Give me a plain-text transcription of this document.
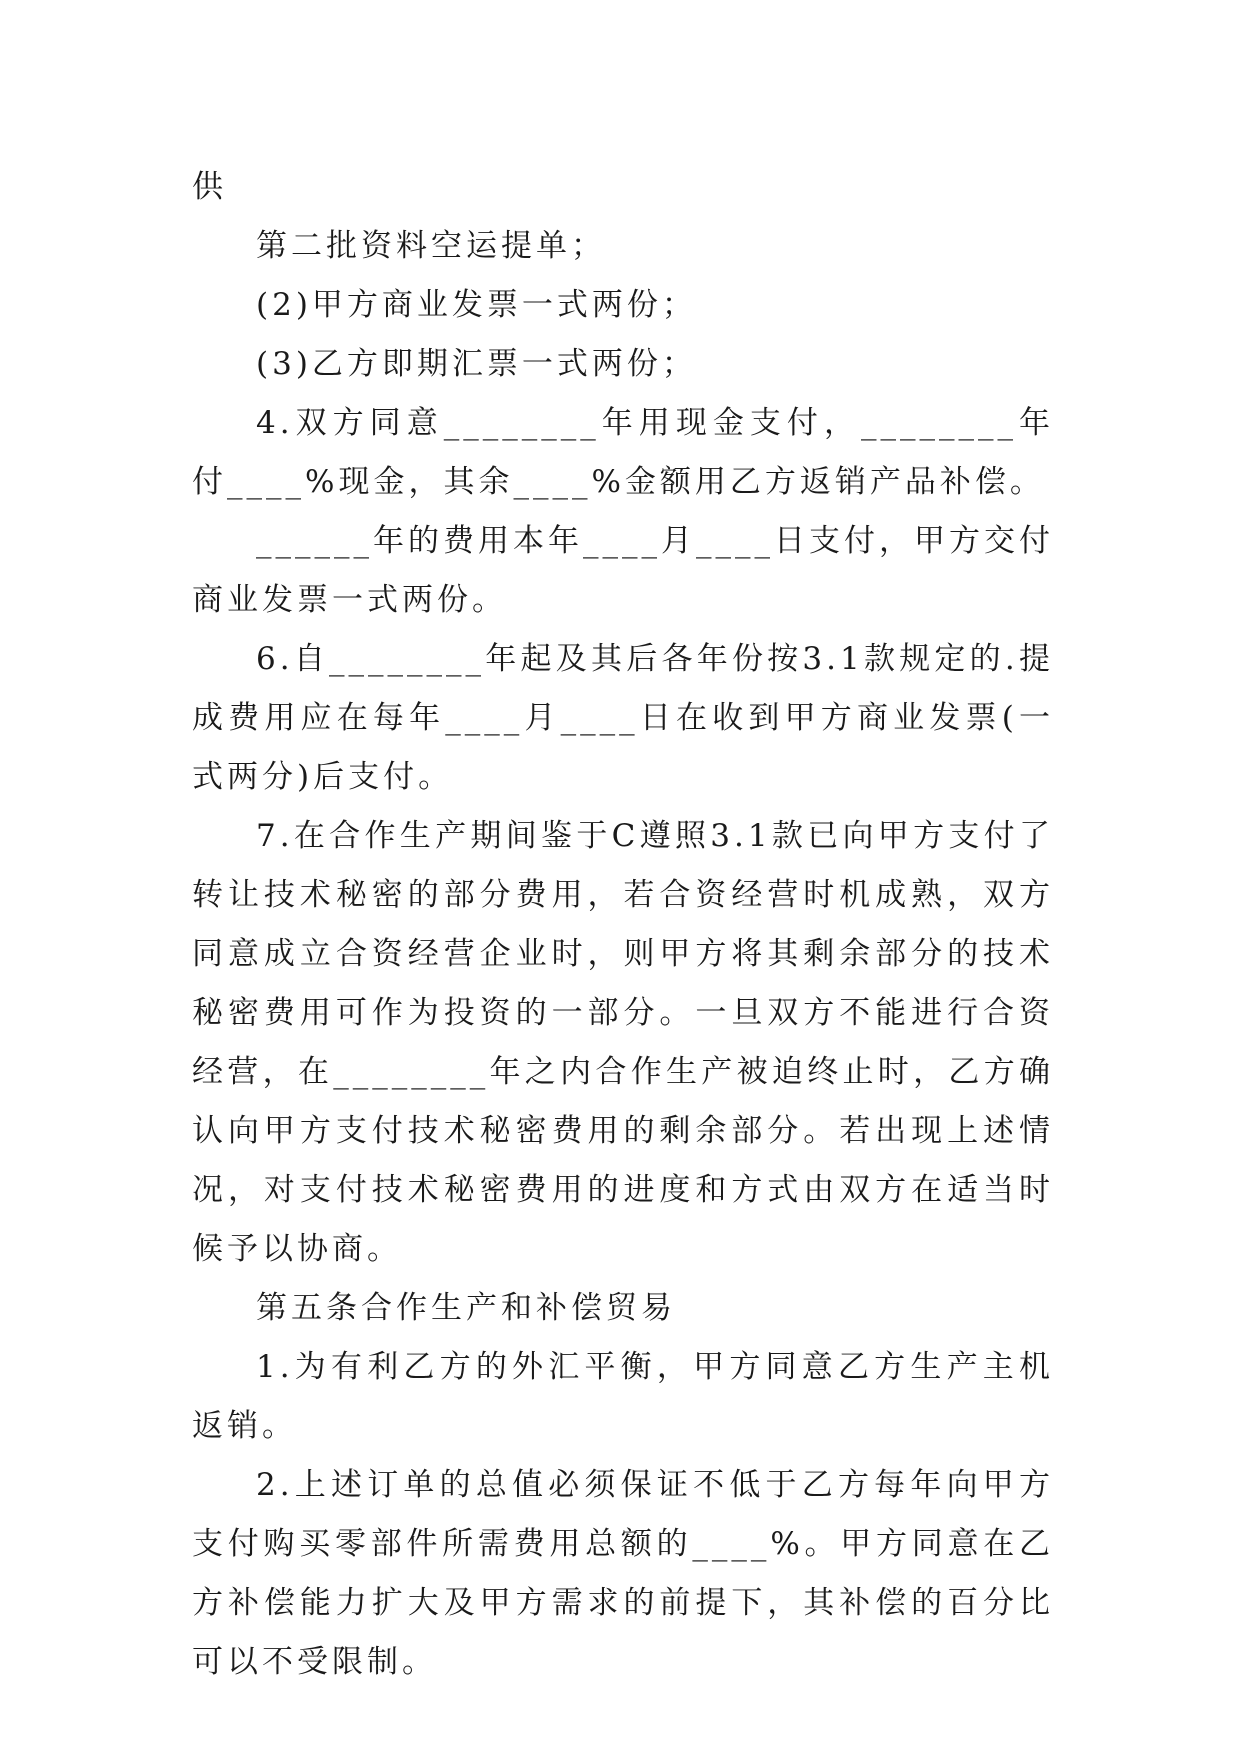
供

第二批资料空运提单；

(2)甲方商业发票一式两份；

(3)乙方即期汇票一式两份；

4.双方同意________年用现金支付，________年付____%现金，其余____%金额用乙方返销产品补偿。

______年的费用本年____月____日支付，甲方交付商业发票一式两份。

6.自________年起及其后各年份按3.1款规定的.提成费用应在每年____月____日在收到甲方商业发票(一式两分)后支付。

7.在合作生产期间鉴于C遵照3.1款已向甲方支付了转让技术秘密的部分费用，若合资经营时机成熟，双方同意成立合资经营企业时，则甲方将其剩余部分的技术秘密费用可作为投资的一部分。一旦双方不能进行合资经营，在________年之内合作生产被迫终止时，乙方确认向甲方支付技术秘密费用的剩余部分。若出现上述情况，对支付技术秘密费用的进度和方式由双方在适当时候予以协商。

第五条合作生产和补偿贸易

1.为有利乙方的外汇平衡，甲方同意乙方生产主机返销。

2.上述订单的总值必须保证不低于乙方每年向甲方支付购买零部件所需费用总额的____%。甲方同意在乙方补偿能力扩大及甲方需求的前提下，其补偿的百分比可以不受限制。
